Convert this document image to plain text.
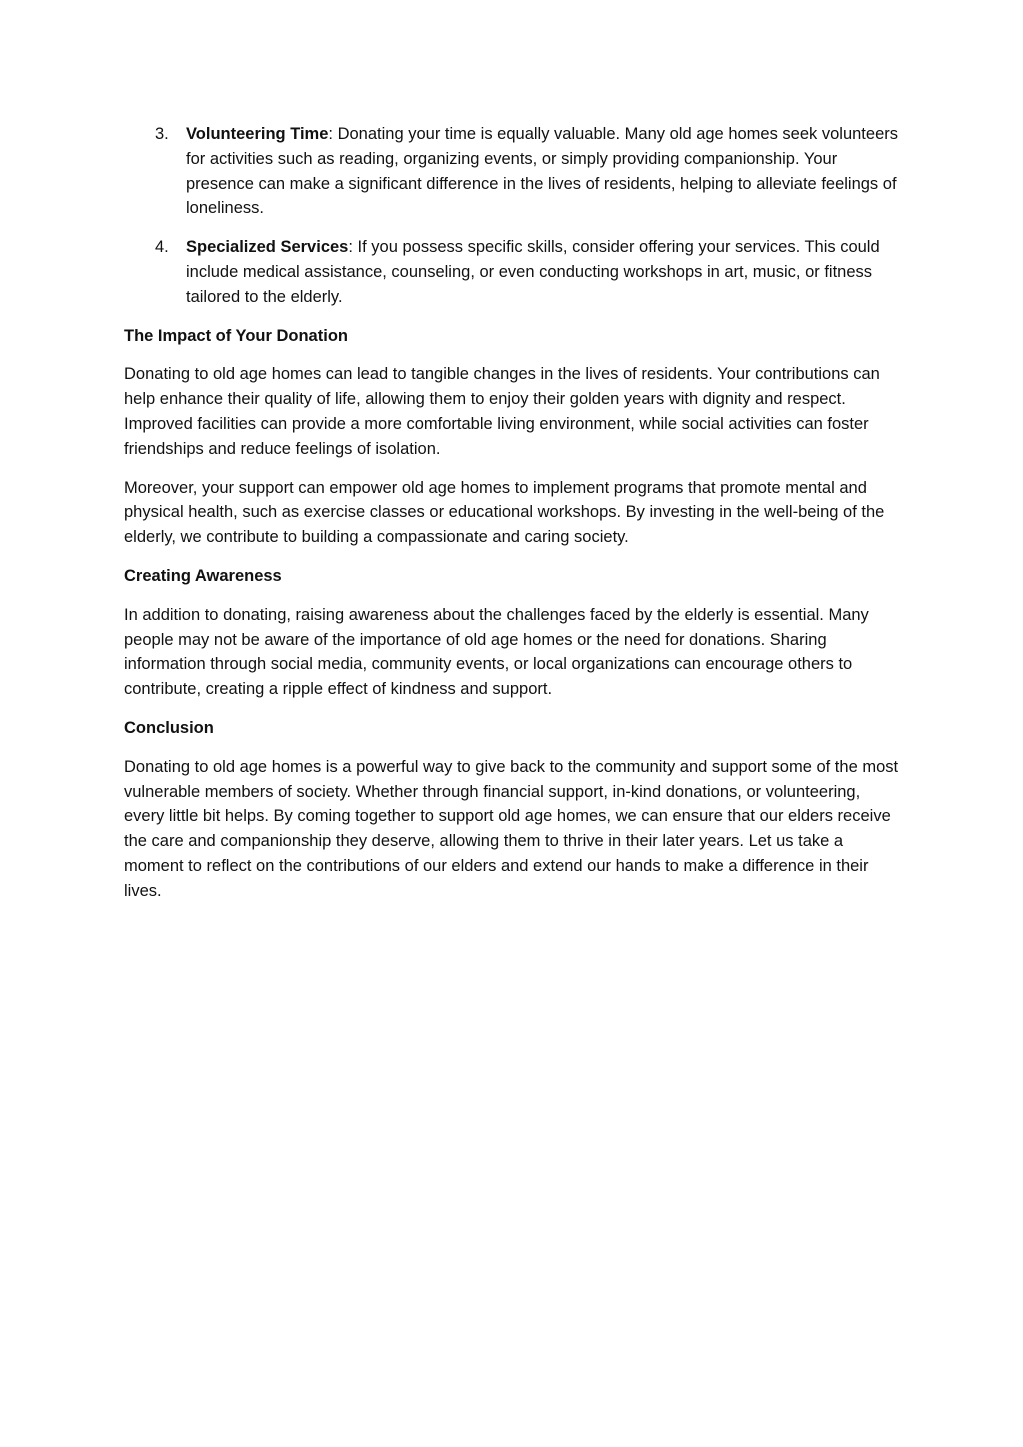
3. Volunteering Time: Donating your time is equally valuable. Many old age homes seek volunteers for activities such as reading, organizing events, or simply providing companionship. Your presence can make a significant difference in the lives of residents, helping to alleviate feelings of loneliness.
4. Specialized Services: If you possess specific skills, consider offering your services. This could include medical assistance, counseling, or even conducting workshops in art, music, or fitness tailored to the elderly.
The Impact of Your Donation

Donating to old age homes can lead to tangible changes in the lives of residents. Your contributions can help enhance their quality of life, allowing them to enjoy their golden years with dignity and respect. Improved facilities can provide a more comfortable living environment, while social activities can foster friendships and reduce feelings of isolation.

Moreover, your support can empower old age homes to implement programs that promote mental and physical health, such as exercise classes or educational workshops. By investing in the well-being of the elderly, we contribute to building a compassionate and caring society.

Creating Awareness

In addition to donating, raising awareness about the challenges faced by the elderly is essential. Many people may not be aware of the importance of old age homes or the need for donations. Sharing information through social media, community events, or local organizations can encourage others to contribute, creating a ripple effect of kindness and support.

Conclusion

Donating to old age homes is a powerful way to give back to the community and support some of the most vulnerable members of society. Whether through financial support, in-kind donations, or volunteering, every little bit helps. By coming together to support old age homes, we can ensure that our elders receive the care and companionship they deserve, allowing them to thrive in their later years. Let us take a moment to reflect on the contributions of our elders and extend our hands to make a difference in their lives.
